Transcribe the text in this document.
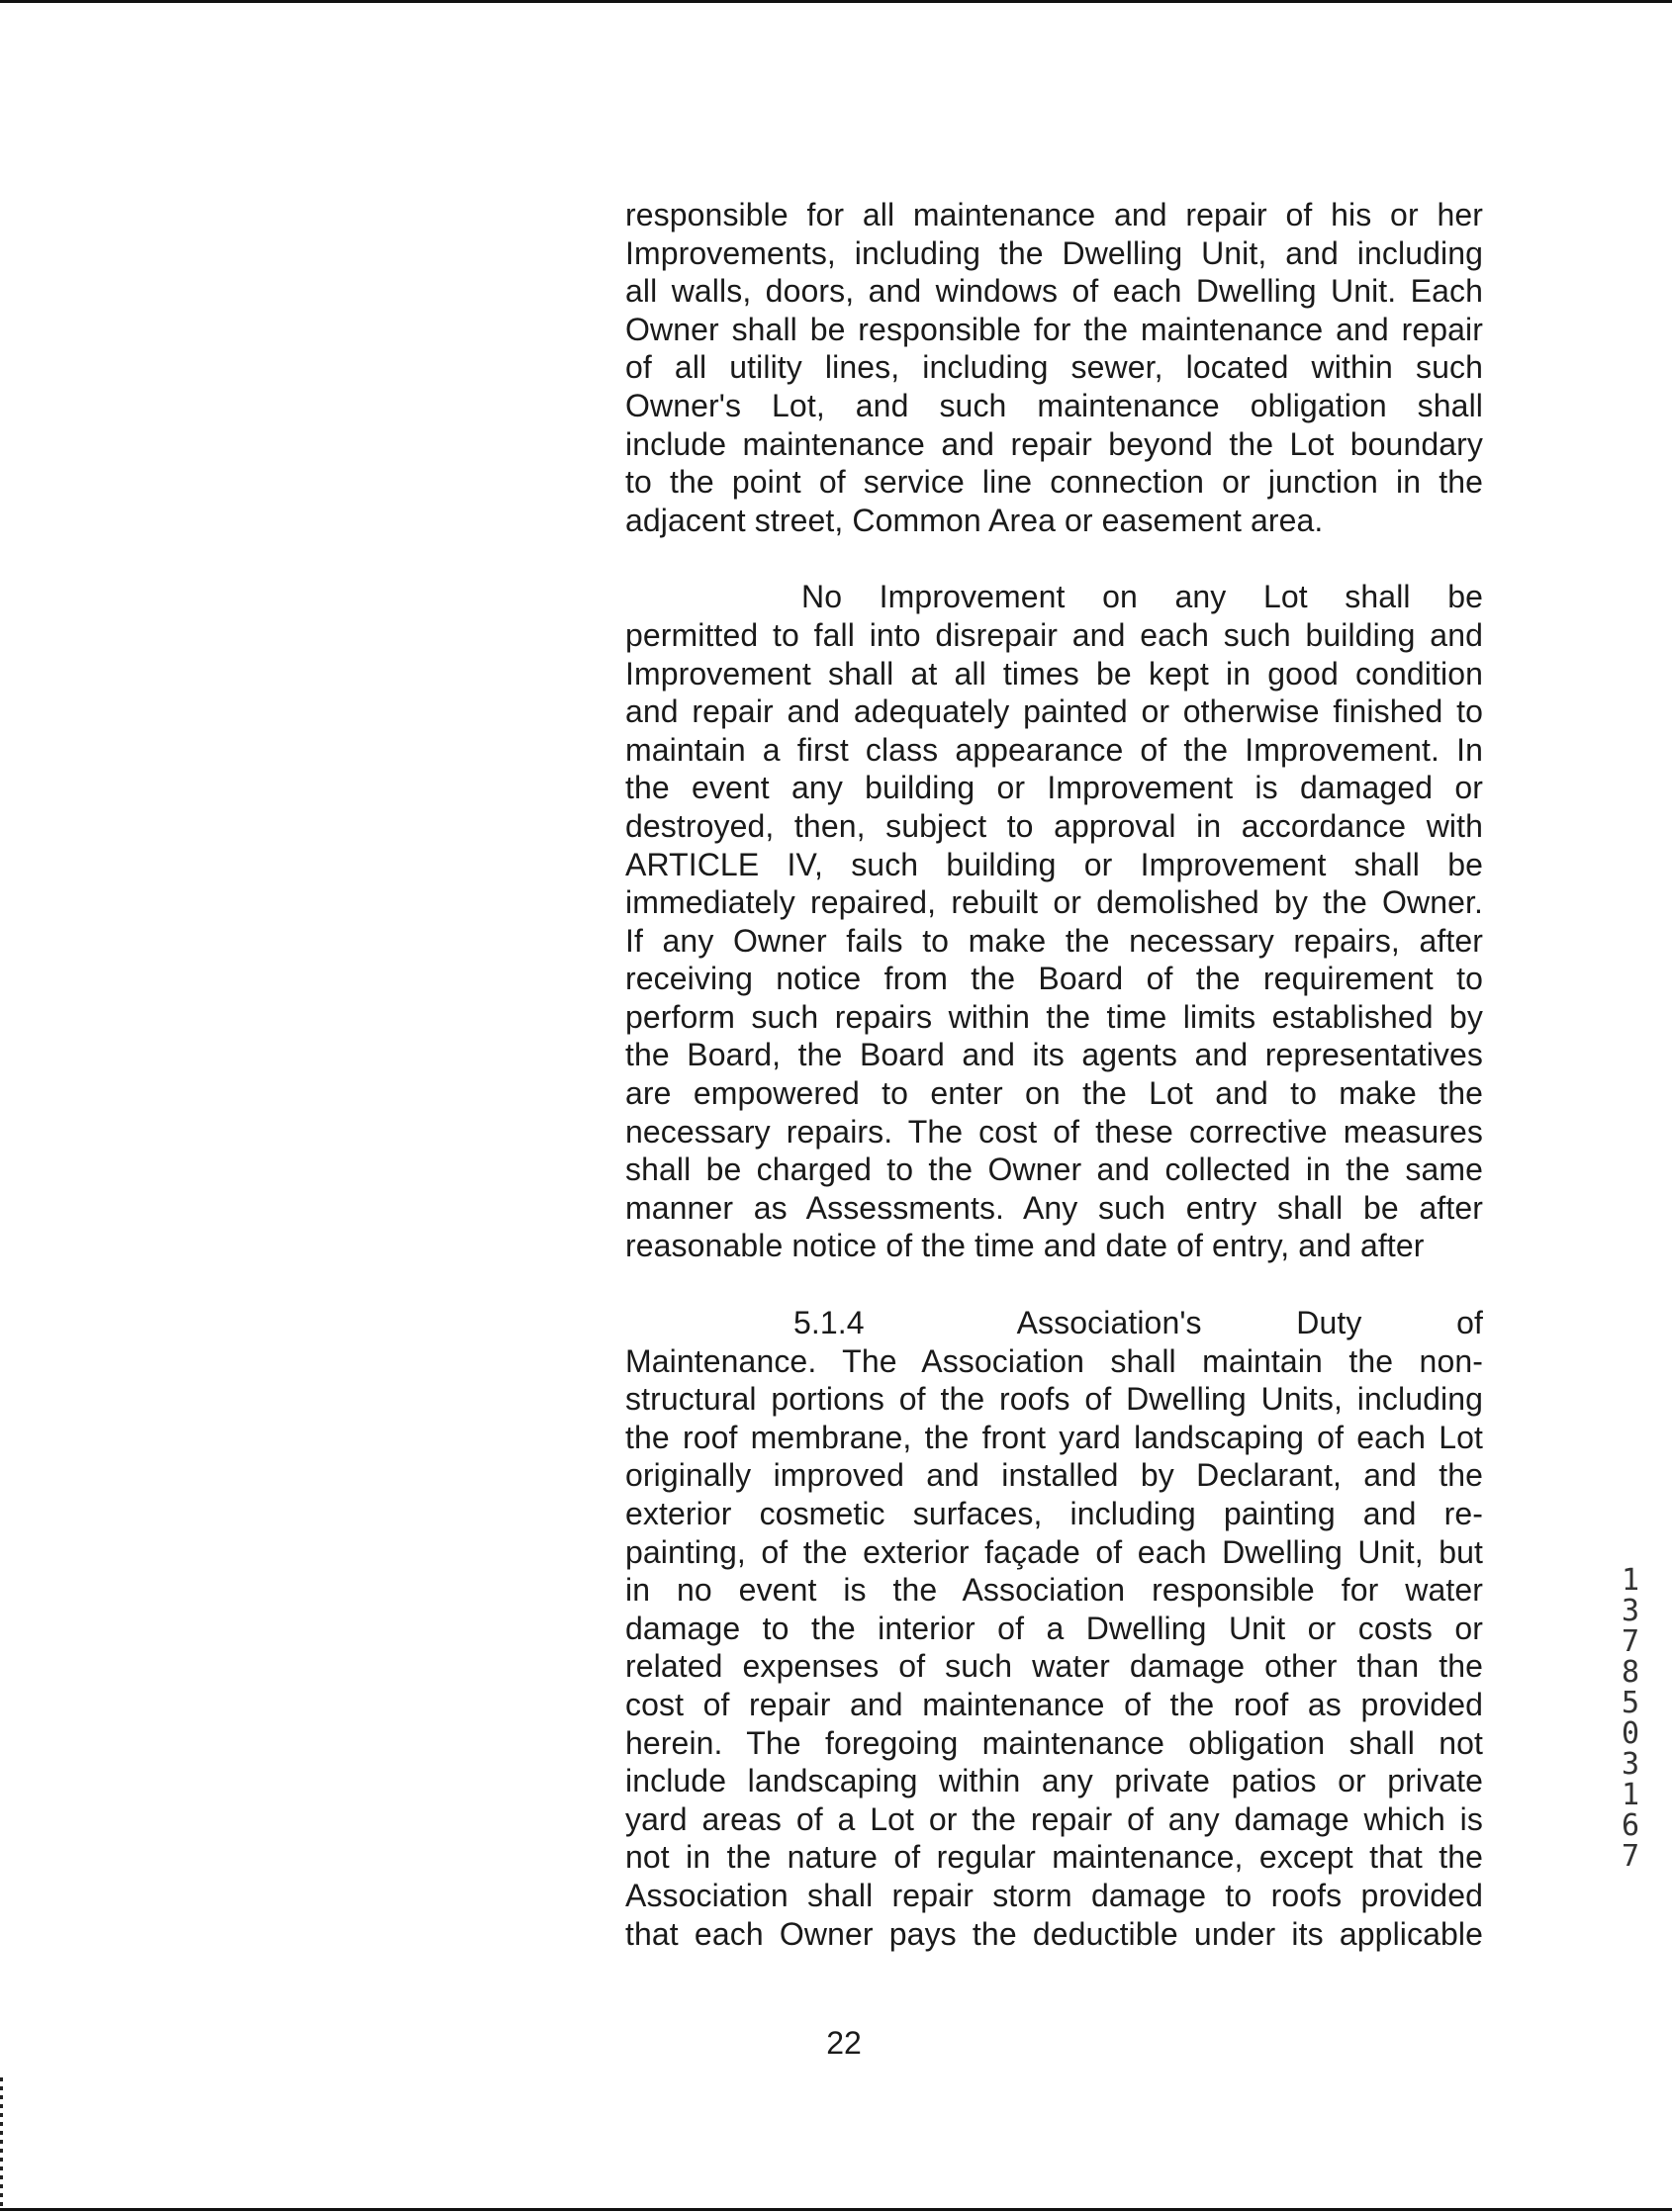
responsible for all maintenance and repair of his or her
Improvements, including the Dwelling Unit, and including
all walls, doors, and windows of each Dwelling Unit. Each
Owner shall be responsible for the maintenance and repair
of all utility lines, including sewer, located within such
Owner's Lot, and such maintenance obligation shall
include maintenance and repair beyond the Lot boundary
to the point of service line connection or junction in the
adjacent street, Common Area or easement area.
No Improvement on any Lot shall be
permitted to fall into disrepair and each such building and
Improvement shall at all times be kept in good condition
and repair and adequately painted or otherwise finished to
maintain a first class appearance of the Improvement. In
the event any building or Improvement is damaged or
destroyed, then, subject to approval in accordance with
ARTICLE IV, such building or Improvement shall be
immediately repaired, rebuilt or demolished by the Owner.
If any Owner fails to make the necessary repairs, after
receiving notice from the Board of the requirement to
perform such repairs within the time limits established by
the Board, the Board and its agents and representatives
are empowered to enter on the Lot and to make the
necessary repairs. The cost of these corrective measures
shall be charged to the Owner and collected in the same
manner as Assessments. Any such entry shall be after
reasonable notice of the time and date of entry, and after
5.1.4	Association's	Duty	of
Maintenance. The Association shall maintain the non-
structural portions of the roofs of Dwelling Units, including
the roof membrane, the front yard landscaping of each Lot
originally improved and installed by Declarant, and the
exterior cosmetic surfaces, including painting and re-
painting, of the exterior façade of each Dwelling Unit, but
in no event is the Association responsible for water
damage to the interior of a Dwelling Unit or costs or
related expenses of such water damage other than the
cost of repair and maintenance of the roof as provided
herein. The foregoing maintenance obligation shall not
include landscaping within any private patios or private
yard areas of a Lot or the repair of any damage which is
not in the nature of regular maintenance, except that the
Association shall repair storm damage to roofs provided
that each Owner pays the deductible under its applicable
22
1
3
7
8
5
0
3
1
6
7
